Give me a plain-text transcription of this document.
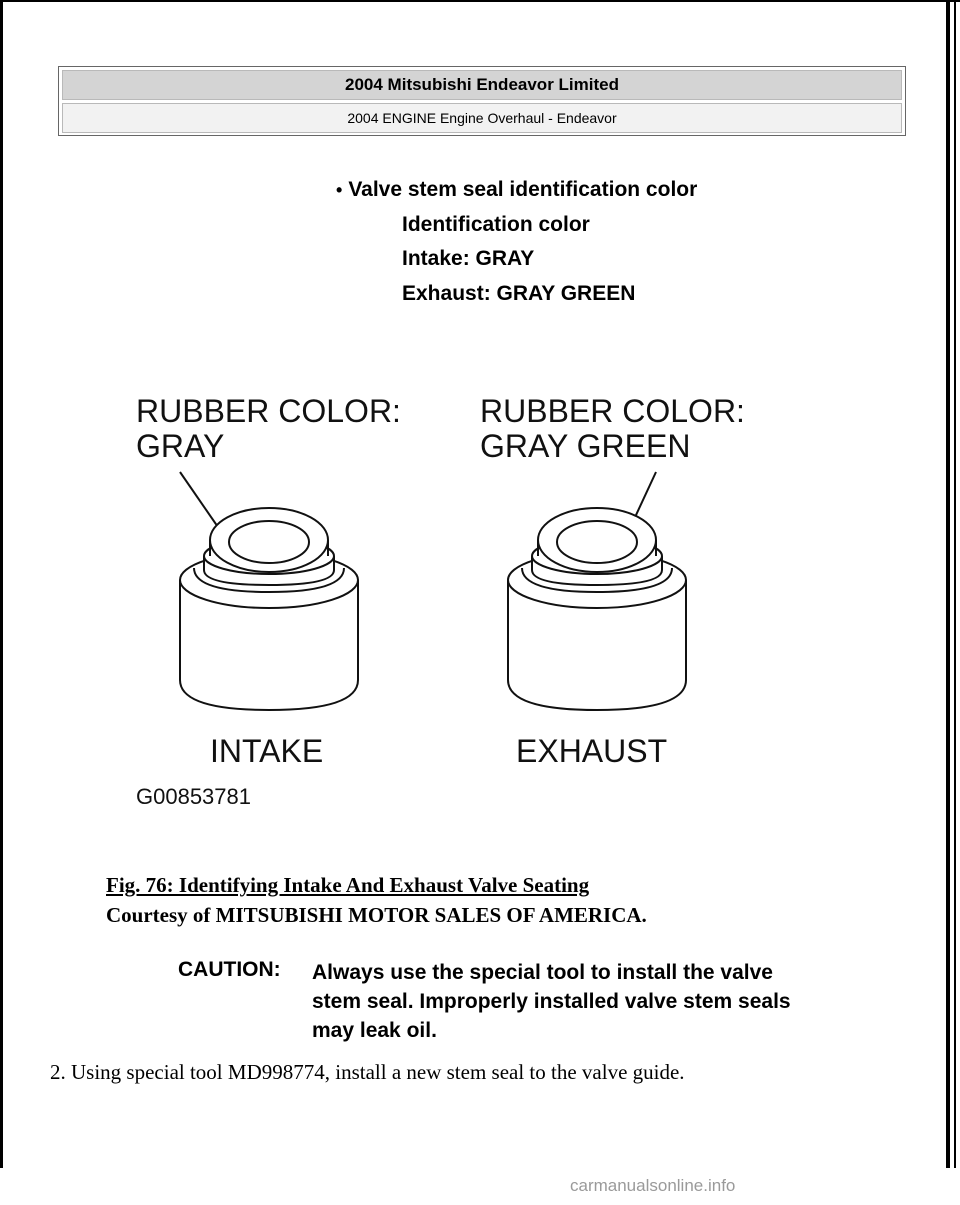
2004 Mitsubishi Endeavor Limited
2004 ENGINE Engine Overhaul - Endeavor
• Valve stem seal identification color
Identification color
Intake: GRAY
Exhaust: GRAY GREEN
RUBBER COLOR:
GRAY
RUBBER COLOR:
GRAY GREEN
INTAKE	EXHAUST
G00853781
Fig. 76: Identifying Intake And Exhaust Valve Seating
Courtesy of MITSUBISHI MOTOR SALES OF AMERICA.
CAUTION: Always use the special tool to install the valve
stem seal. Improperly installed valve stem seals
may leak oil.
2. Using special tool MD998774, install a new stem seal to the valve guide.
carmanualsonline.info
